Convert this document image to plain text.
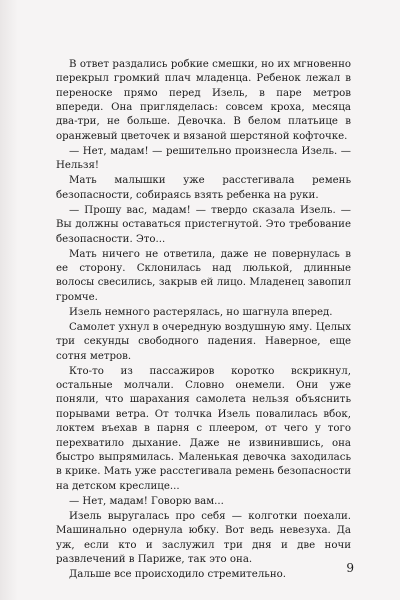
В ответ раздались робкие смешки, но их мгновенно перекрыл громкий плач младенца. Ребенок лежал в переноске прямо перед Изель, в паре метров впереди. Она пригляделась: совсем кроха, месяца два-три, не больше. Девочка. В белом платьице в оранжевый цветочек и вязаной шерстяной кофточке.

— Нет, мадам! — решительно произнесла Изель. — Нельзя!

Мать малышки уже расстегивала ремень безопасности, собираясь взять ребенка на руки.

— Прошу вас, мадам! — твердо сказала Изель. — Вы должны оставаться пристегнутой. Это требование безопасности. Это...

Мать ничего не ответила, даже не повернулась в ее сторону. Склонилась над люлькой, длинные волосы свесились, закрыв ей лицо. Младенец завопил громче.

Изель немного растерялась, но шагнула вперед.

Самолет ухнул в очередную воздушную яму. Целых три секунды свободного падения. Наверное, еще сотня метров.

Кто-то из пассажиров коротко вскрикнул, остальные молчали. Словно онемели. Они уже поняли, что шарахания самолета нельзя объяснить порывами ветра. От толчка Изель повалилась вбок, локтем въехав в парня с плеером, от чего у того перехватило дыхание. Даже не извинившись, она быстро выпрямилась. Маленькая девочка заходилась в крике. Мать уже расстегивала ремень безопасности на детском креслице...

— Нет, мадам! Говорю вам...

Изель выругалась про себя — колготки поехали. Машинально одернула юбку. Вот ведь невезуха. Да уж, если кто и заслужил три дня и две ночи развлечений в Париже, так это она.

Дальше все происходило стремительно.	9
